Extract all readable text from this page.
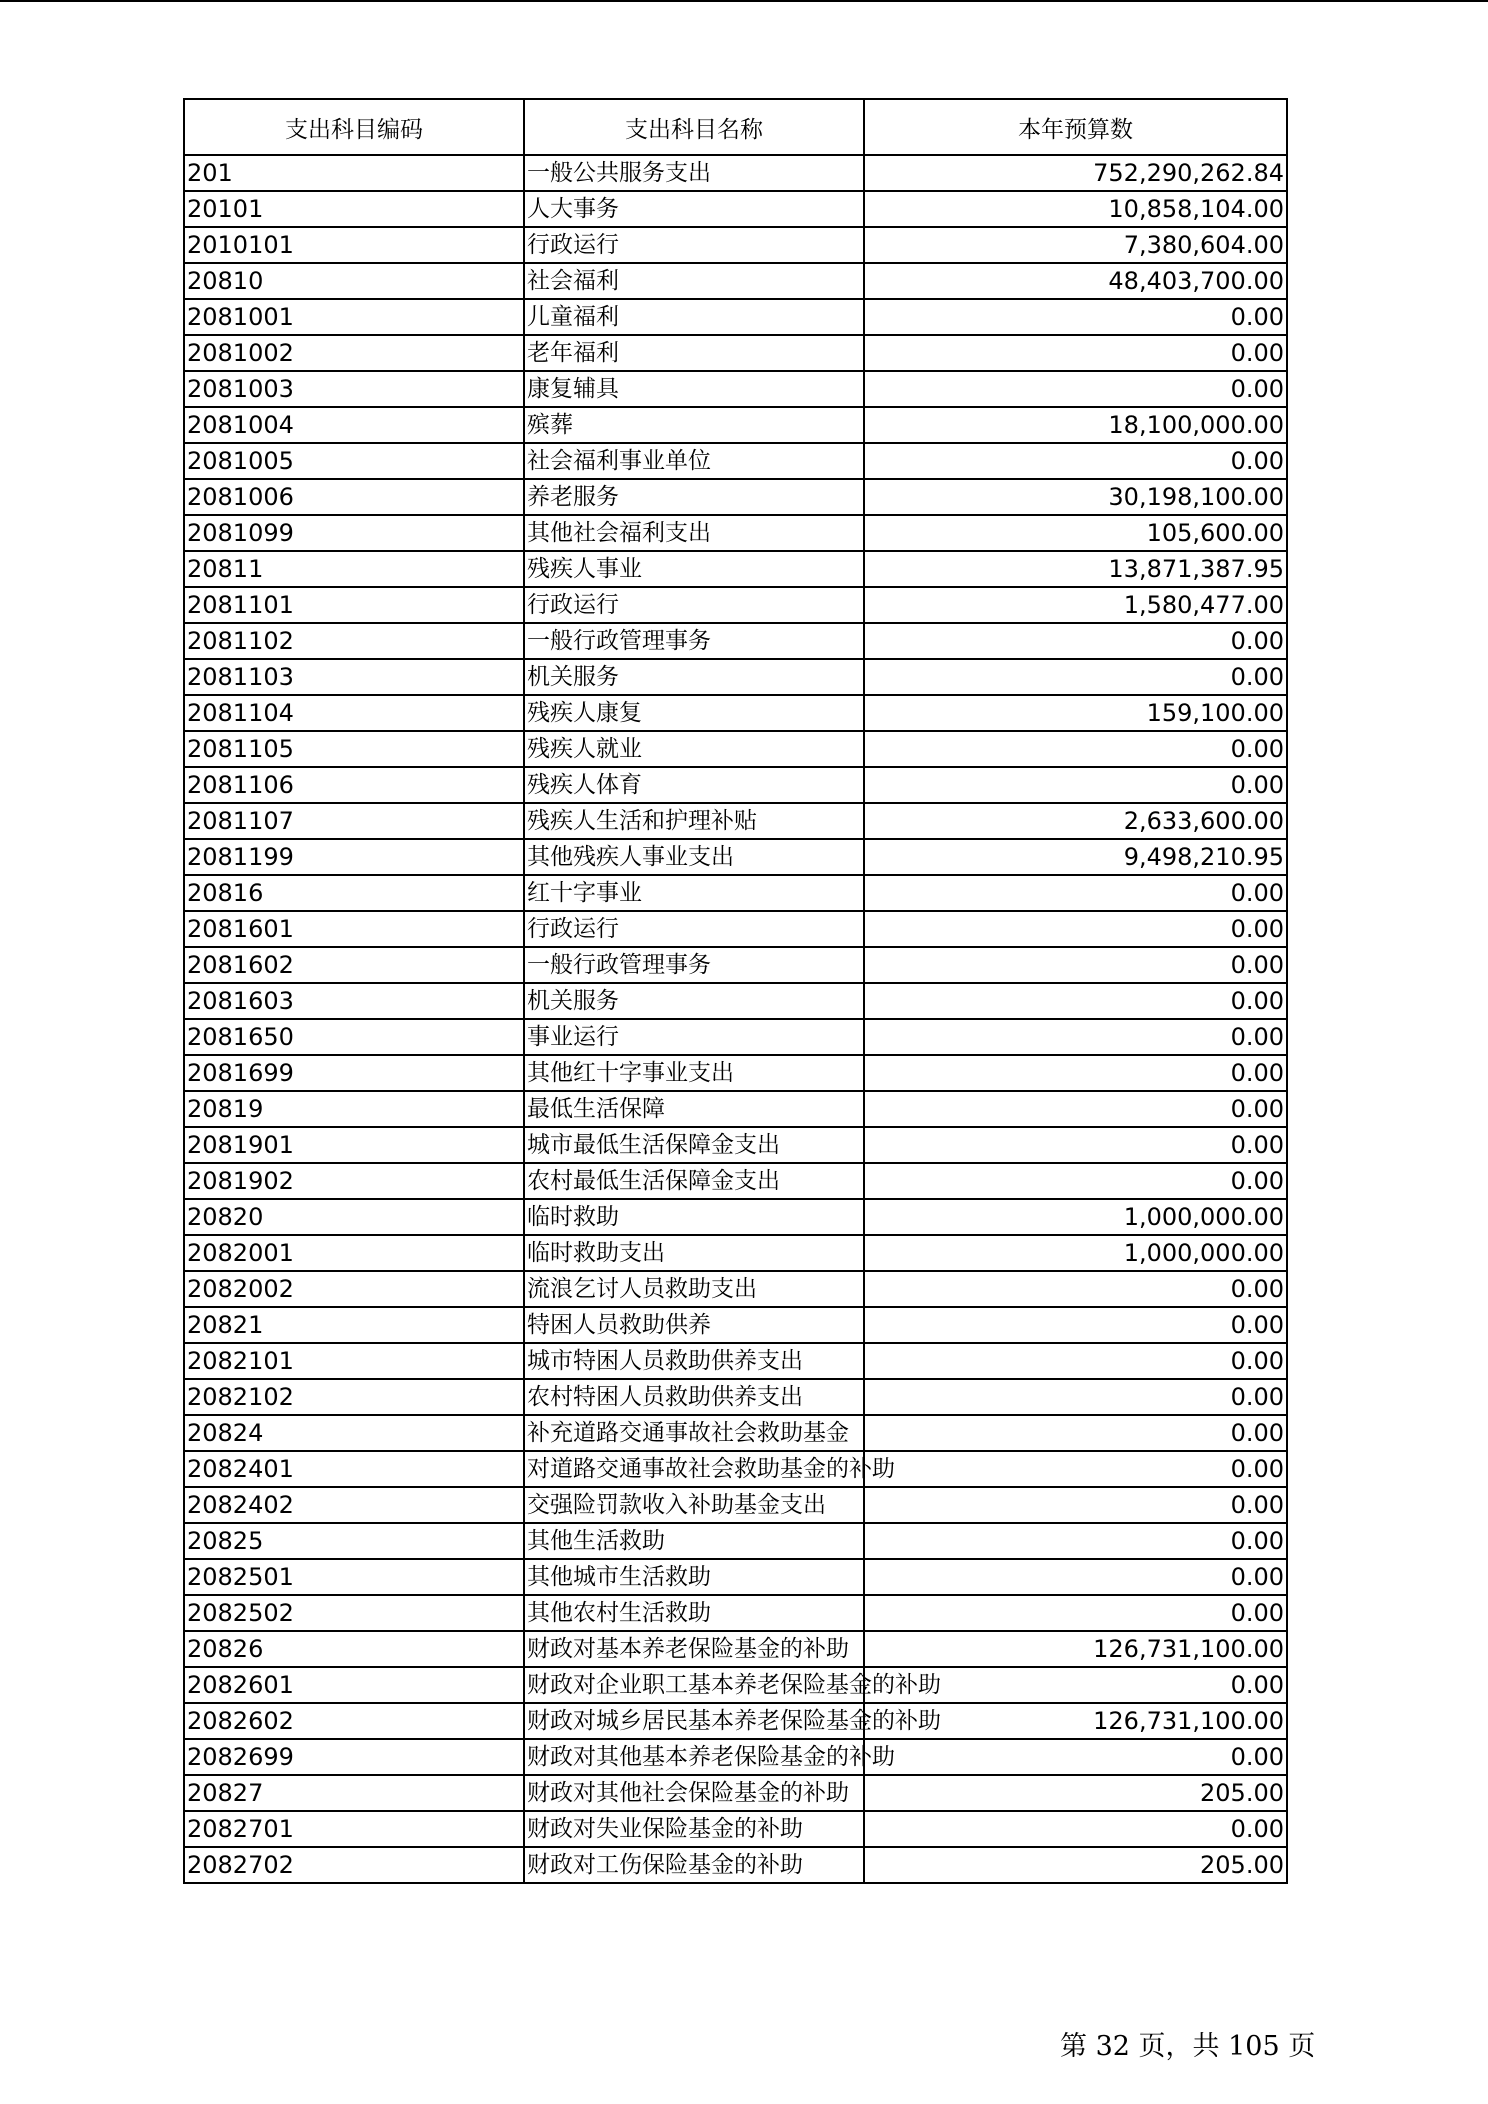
支出科目编码	支出科目名称	本年预算数
201	一般公共服务支出	752,290,262.84
20101	人大事务	10,858,104.00
2010101	行政运行	7,380,604.00
20810	社会福利	48,403,700.00
2081001	儿童福利	0.00
2081002	老年福利	0.00
2081003	康复辅具	0.00
2081004	殡葬	18,100,000.00
2081005	社会福利事业单位	0.00
2081006	养老服务	30,198,100.00
2081099	其他社会福利支出	105,600.00
20811	残疾人事业	13,871,387.95
2081101	行政运行	1,580,477.00
2081102	一般行政管理事务	0.00
2081103	机关服务	0.00
2081104	残疾人康复	159,100.00
2081105	残疾人就业	0.00
2081106	残疾人体育	0.00
2081107	残疾人生活和护理补贴	2,633,600.00
2081199	其他残疾人事业支出	9,498,210.95
20816	红十字事业	0.00
2081601	行政运行	0.00
2081602	一般行政管理事务	0.00
2081603	机关服务	0.00
2081650	事业运行	0.00
2081699	其他红十字事业支出	0.00
20819	最低生活保障	0.00
2081901	城市最低生活保障金支出	0.00
2081902	农村最低生活保障金支出	0.00
20820	临时救助	1,000,000.00
2082001	临时救助支出	1,000,000.00
2082002	流浪乞讨人员救助支出	0.00
20821	特困人员救助供养	0.00
2082101	城市特困人员救助供养支出	0.00
2082102	农村特困人员救助供养支出	0.00
20824	补充道路交通事故社会救助基金	0.00
2082401	对道路交通事故社会救助基金的补助	0.00
2082402	交强险罚款收入补助基金支出	0.00
20825	其他生活救助	0.00
2082501	其他城市生活救助	0.00
2082502	其他农村生活救助	0.00
20826	财政对基本养老保险基金的补助	126,731,100.00
2082601	财政对企业职工基本养老保险基金的补助	0.00
2082602	财政对城乡居民基本养老保险基金的补助	126,731,100.00
2082699	财政对其他基本养老保险基金的补助	0.00
20827	财政对其他社会保险基金的补助	205.00
2082701	财政对失业保险基金的补助	0.00
2082702	财政对工伤保险基金的补助	205.00
第 32 页，共 105 页
